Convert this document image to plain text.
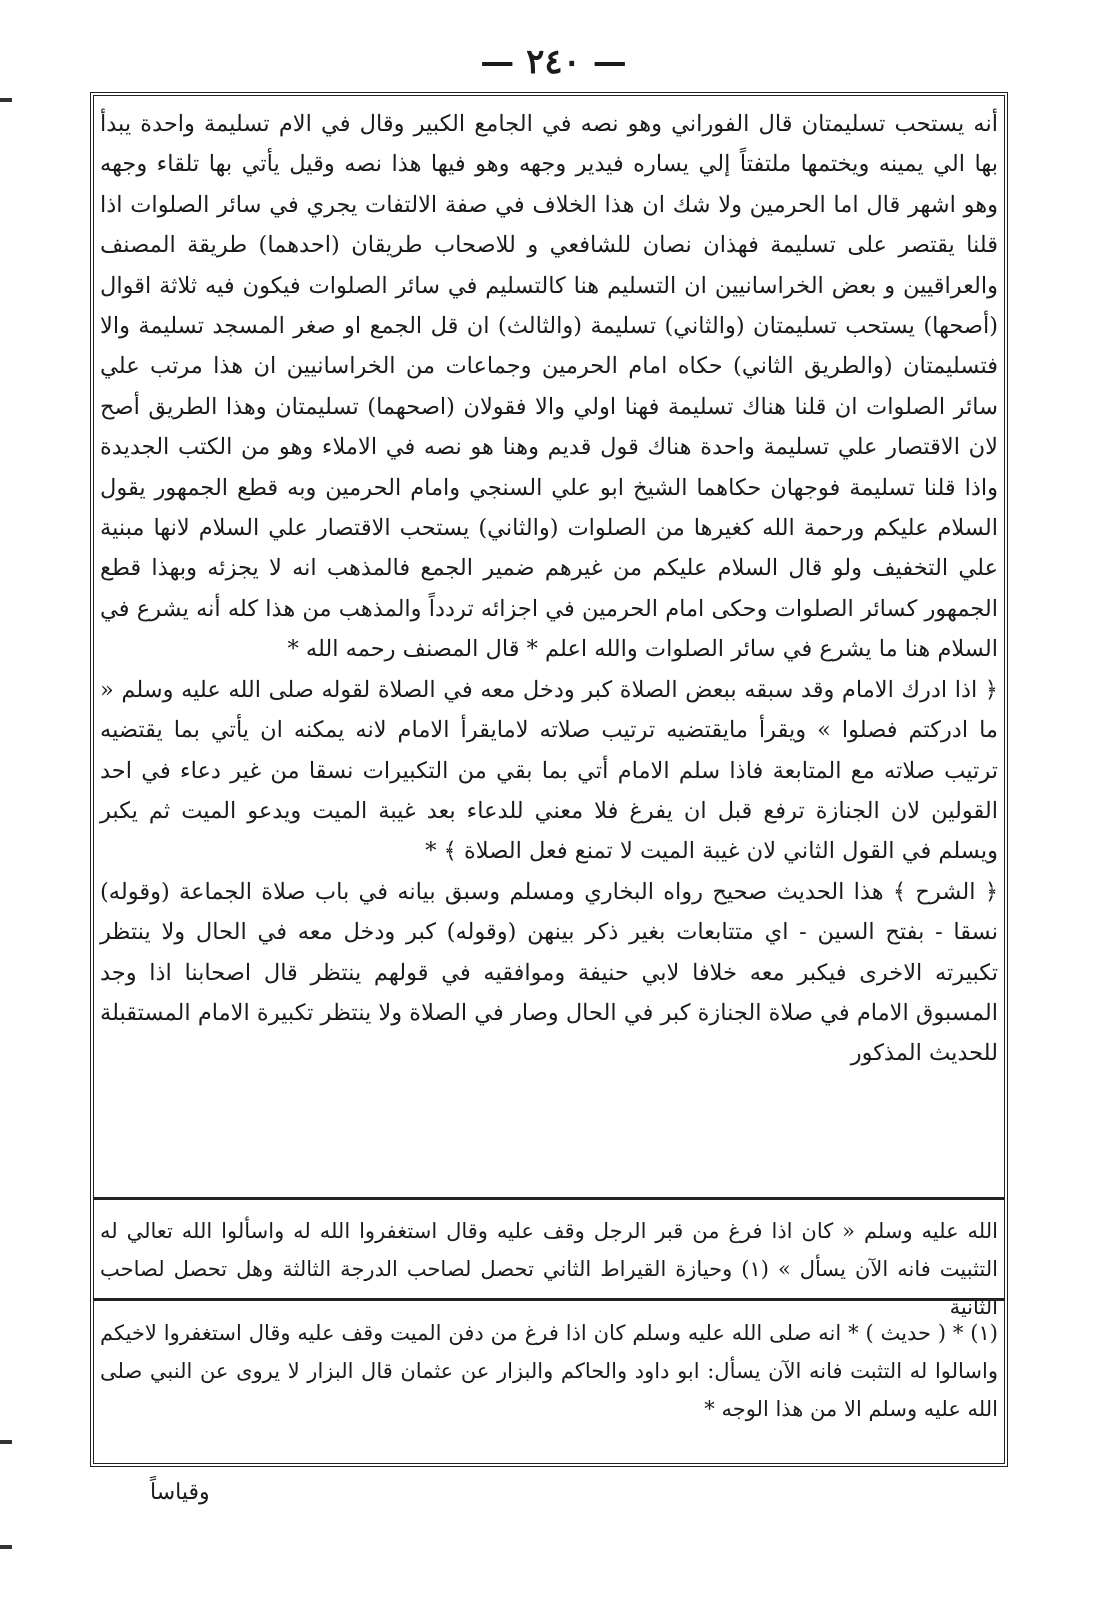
— ٢٤٠ —

أنه يستحب تسليمتان قال الفوراني وهو نصه في الجامع الكبير وقال في الام تسليمة واحدة يبدأ بها الي يمينه ويختمها ملتفتاً إلي يساره فيدير وجهه وهو فيها هذا نصه وقيل يأتي بها تلقاء وجهه وهو اشهر قال اما الحرمين ولا شك ان هذا الخلاف في صفة الالتفات يجري في سائر الصلوات اذا قلنا يقتصر على تسليمة فهذان نصان للشافعي و للاصحاب طريقان (احدهما) طريقة المصنف والعراقيين و بعض الخراسانيين ان التسليم هنا كالتسليم في سائر الصلوات فيكون فيه ثلاثة اقوال (أصحها) يستحب تسليمتان (والثاني) تسليمة (والثالث) ان قل الجمع او صغر المسجد تسليمة والا فتسليمتان (والطريق الثاني) حكاه امام الحرمين وجماعات من الخراسانيين ان هذا مرتب علي سائر الصلوات ان قلنا هناك تسليمة فهنا اولي والا فقولان (اصحهما) تسليمتان وهذا الطريق أصح لان الاقتصار علي تسليمة واحدة هناك قول قديم وهنا هو نصه في الاملاء وهو من الكتب الجديدة واذا قلنا تسليمة فوجهان حكاهما الشيخ ابو علي السنجي وامام الحرمين وبه قطع الجمهور يقول السلام عليكم ورحمة الله كغيرها من الصلوات (والثاني) يستحب الاقتصار علي السلام لانها مبنية علي التخفيف ولو قال السلام عليكم من غيرهم ضمير الجمع فالمذهب انه لا يجزئه وبهذا قطع الجمهور كسائر الصلوات وحكى امام الحرمين في اجزائه تردداً والمذهب من هذا كله أنه يشرع في السلام هنا ما يشرع في سائر الصلوات والله اعلم * قال المصنف رحمه الله *

﴿ اذا ادرك الامام وقد سبقه ببعض الصلاة كبر ودخل معه في الصلاة لقوله صلى الله عليه وسلم « ما ادركتم فصلوا » ويقرأ مايقتضيه ترتيب صلاته لامايقرأ الامام لانه يمكنه ان يأتي بما يقتضيه ترتيب صلاته مع المتابعة فاذا سلم الامام أتي بما بقي من التكبيرات نسقا من غير دعاء في احد القولين لان الجنازة ترفع قبل ان يفرغ فلا معني للدعاء بعد غيبة الميت ويدعو الميت ثم يكبر ويسلم في القول الثاني لان غيبة الميت لا تمنع فعل الصلاة ﴾ *

﴿ الشرح ﴾ هذا الحديث صحيح رواه البخاري ومسلم وسبق بيانه في باب صلاة الجماعة (وقوله) نسقا - بفتح السين - اي متتابعات بغير ذكر بينهن (وقوله) كبر ودخل معه في الحال ولا ينتظر تكبيرته الاخرى فيكبر معه خلافا لابي حنيفة وموافقيه في قولهم ينتظر قال اصحابنا اذا وجد المسبوق الامام في صلاة الجنازة كبر في الحال وصار في الصلاة ولا ينتظر تكبيرة الامام المستقبلة للحديث المذكور

الله عليه وسلم « كان اذا فرغ من قبر الرجل وقف عليه وقال استغفروا الله له واسألوا الله تعالي له التثبيت فانه الآن يسأل » (١) وحيازة القيراط الثاني تحصل لصاحب الدرجة الثالثة وهل تحصل لصاحب الثانية

(١) * ( حديث ) * انه صلى الله عليه وسلم كان اذا فرغ من دفن الميت وقف عليه وقال استغفروا لاخيكم واسالوا له التثبت فانه الآن يسأل: ابو داود والحاكم والبزار عن عثمان قال البزار لا يروى عن النبي صلى الله عليه وسلم الا من هذا الوجه *

وقياساً
